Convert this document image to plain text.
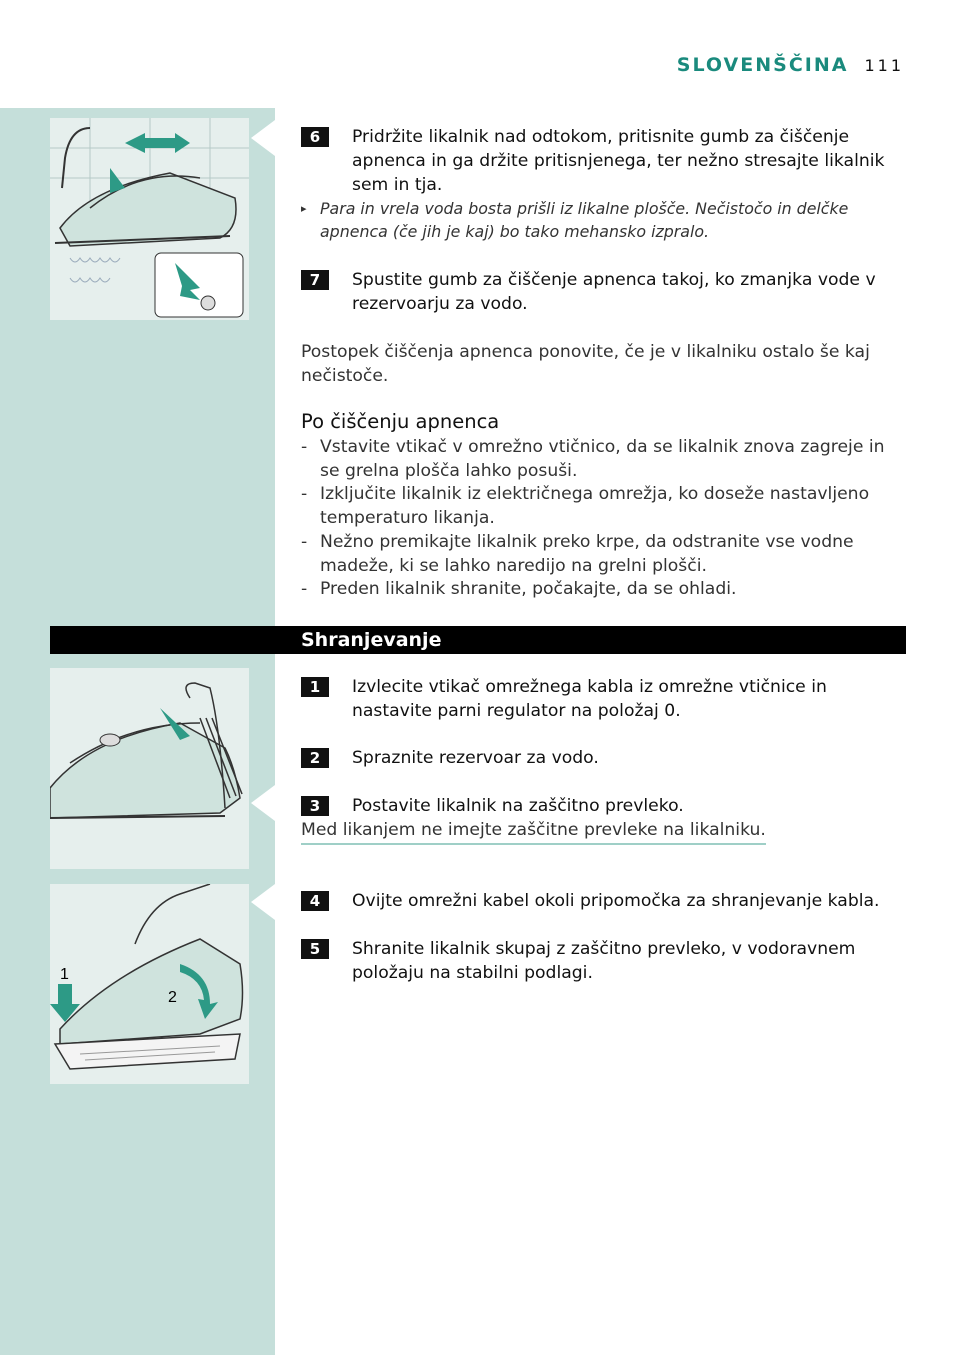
SLOVENŠČINA 111
6	Pridržite likalnik nad odtokom, pritisnite gumb za čiščenje apnenca in ga držite pritisnjenega, ter nežno stresajte likalnik sem in tja.
▸ Para in vrela voda bosta prišli iz likalne plošče. Nečistočo in delčke apnenca (če jih je kaj) bo tako mehansko izpralo.
7	Spustite gumb za čiščenje apnenca takoj, ko zmanjka vode v rezervoarju za vodo.
Postopek čiščenja apnenca ponovite, če je v likalniku ostalo še kaj nečistoče.
Po čiščenju apnenca
- Vstavite vtikač v omrežno vtičnico, da se likalnik znova zagreje in se grelna plošča lahko posuši.
- Izključite likalnik iz električnega omrežja, ko doseže nastavljeno temperaturo likanja.
- Nežno premikajte likalnik preko krpe, da odstranite vse vodne madeže, ki se lahko naredijo na grelni plošči.
- Preden likalnik shranite, počakajte, da se ohladi.
Shranjevanje
1
2
1	Izvlecite vtikač omrežnega kabla iz omrežne vtičnice in nastavite parni regulator na položaj 0.
2	Spraznite rezervoar za vodo.
3	Postavite likalnik na zaščitno prevleko.
Med likanjem ne imejte zaščitne prevleke na likalniku.
4	Ovijte omrežni kabel okoli pripomočka za shranjevanje kabla.
5	Shranite likalnik skupaj z zaščitno prevleko, v vodoravnem položaju na stabilni podlagi.
